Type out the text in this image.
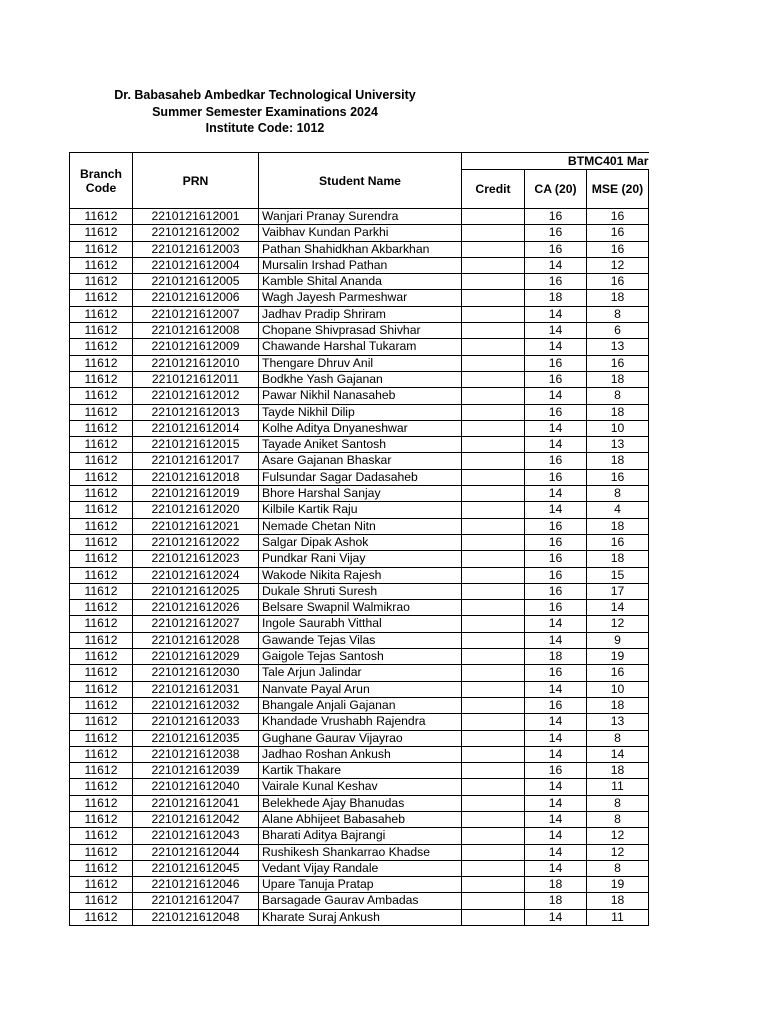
Dr. Babasaheb Ambedkar Technological University
Summer Semester Examinations 2024
Institute Code: 1012
Branch Code	PRN	Student Name	BTMC401 Mar			
			Credit	CA (20)	MSE (20)	
11612	2210121612001	Wanjari Pranay Surendra		16	16	
11612	2210121612002	Vaibhav Kundan Parkhi		16	16	
11612	2210121612003	Pathan Shahidkhan Akbarkhan		16	16	
11612	2210121612004	Mursalin Irshad Pathan		14	12	
11612	2210121612005	Kamble Shital Ananda		16	16	
11612	2210121612006	Wagh Jayesh Parmeshwar		18	18	
11612	2210121612007	Jadhav Pradip Shriram		14	8	
11612	2210121612008	Chopane Shivprasad Shivhar		14	6	
11612	2210121612009	Chawande Harshal Tukaram		14	13	
11612	2210121612010	Thengare Dhruv Anil		16	16	
11612	2210121612011	Bodkhe Yash Gajanan		16	18	
11612	2210121612012	Pawar Nikhil Nanasaheb		14	8	
11612	2210121612013	Tayde Nikhil Dilip		16	18	
11612	2210121612014	Kolhe Aditya Dnyaneshwar		14	10	
11612	2210121612015	Tayade Aniket Santosh		14	13	
11612	2210121612017	Asare Gajanan Bhaskar		16	18	
11612	2210121612018	Fulsundar Sagar Dadasaheb		16	16	
11612	2210121612019	Bhore Harshal Sanjay		14	8	
11612	2210121612020	Kilbile Kartik Raju		14	4	
11612	2210121612021	Nemade Chetan Nitn		16	18	
11612	2210121612022	Salgar Dipak Ashok		16	16	
11612	2210121612023	Pundkar Rani Vijay		16	18	
11612	2210121612024	Wakode Nikita Rajesh		16	15	
11612	2210121612025	Dukale Shruti Suresh		16	17	
11612	2210121612026	Belsare Swapnil Walmikrao		16	14	
11612	2210121612027	Ingole Saurabh Vitthal		14	12	
11612	2210121612028	Gawande Tejas Vilas		14	9	
11612	2210121612029	Gaigole Tejas Santosh		18	19	
11612	2210121612030	Tale Arjun Jalindar		16	16	
11612	2210121612031	Nanvate Payal Arun		14	10	
11612	2210121612032	Bhangale Anjali Gajanan		16	18	
11612	2210121612033	Khandade Vrushabh Rajendra		14	13	
11612	2210121612035	Gughane Gaurav Vijayrao		14	8	
11612	2210121612038	Jadhao Roshan Ankush		14	14	
11612	2210121612039	Kartik Thakare		16	18	
11612	2210121612040	Vairale Kunal Keshav		14	11	
11612	2210121612041	Belekhede Ajay Bhanudas		14	8	
11612	2210121612042	Alane Abhijeet Babasaheb		14	8	
11612	2210121612043	Bharati Aditya Bajrangi		14	12	
11612	2210121612044	Rushikesh Shankarrao Khadse		14	12	
11612	2210121612045	Vedant Vijay Randale		14	8	
11612	2210121612046	Upare Tanuja Pratap		18	19	
11612	2210121612047	Barsagade Gaurav Ambadas		18	18	
11612	2210121612048	Kharate Suraj Ankush		14	11	
